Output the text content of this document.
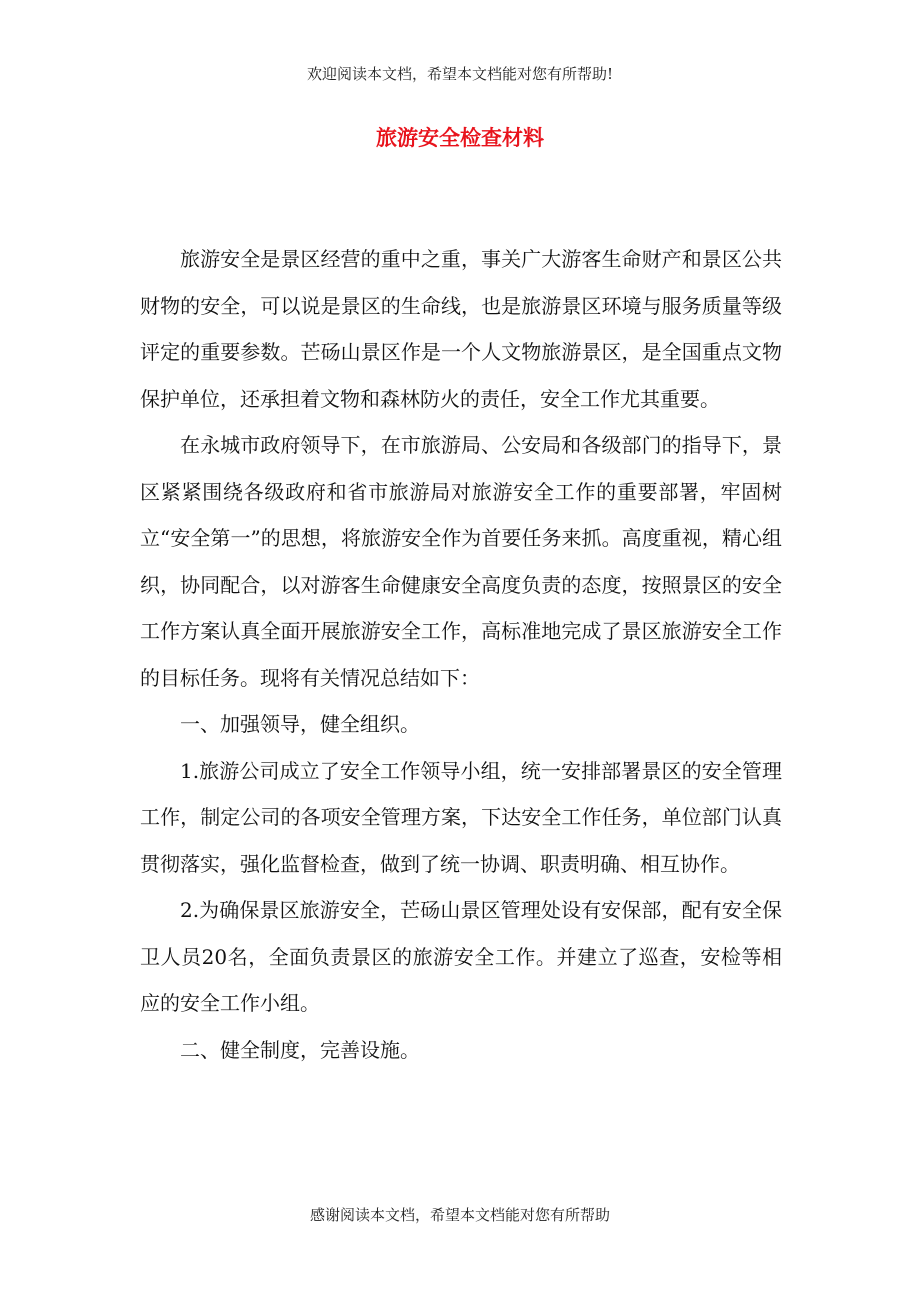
欢迎阅读本文档，希望本文档能对您有所帮助!
旅游安全检查材料

旅游安全是景区经营的重中之重，事关广大游客生命财产和景区公共财物的安全，可以说是景区的生命线，也是旅游景区环境与服务质量等级评定的重要参数。芒砀山景区作是一个人文物旅游景区，是全国重点文物保护单位，还承担着文物和森林防火的责任，安全工作尤其重要。

在永城市政府领导下，在市旅游局、公安局和各级部门的指导下，景区紧紧围绕各级政府和省市旅游局对旅游安全工作的重要部署，牢固树立“安全第一”的思想，将旅游安全作为首要任务来抓。高度重视，精心组织，协同配合，以对游客生命健康安全高度负责的态度，按照景区的安全工作方案认真全面开展旅游安全工作，高标准地完成了景区旅游安全工作的目标任务。现将有关情况总结如下：

一、加强领导，健全组织。

1.旅游公司成立了安全工作领导小组，统一安排部署景区的安全管理工作，制定公司的各项安全管理方案，下达安全工作任务，单位部门认真贯彻落实，强化监督检查，做到了统一协调、职责明确、相互协作。

2.为确保景区旅游安全，芒砀山景区管理处设有安保部，配有安全保卫人员20名，全面负责景区的旅游安全工作。并建立了巡查，安检等相应的安全工作小组。

二、健全制度，完善设施。

感谢阅读本文档，希望本文档能对您有所帮助
